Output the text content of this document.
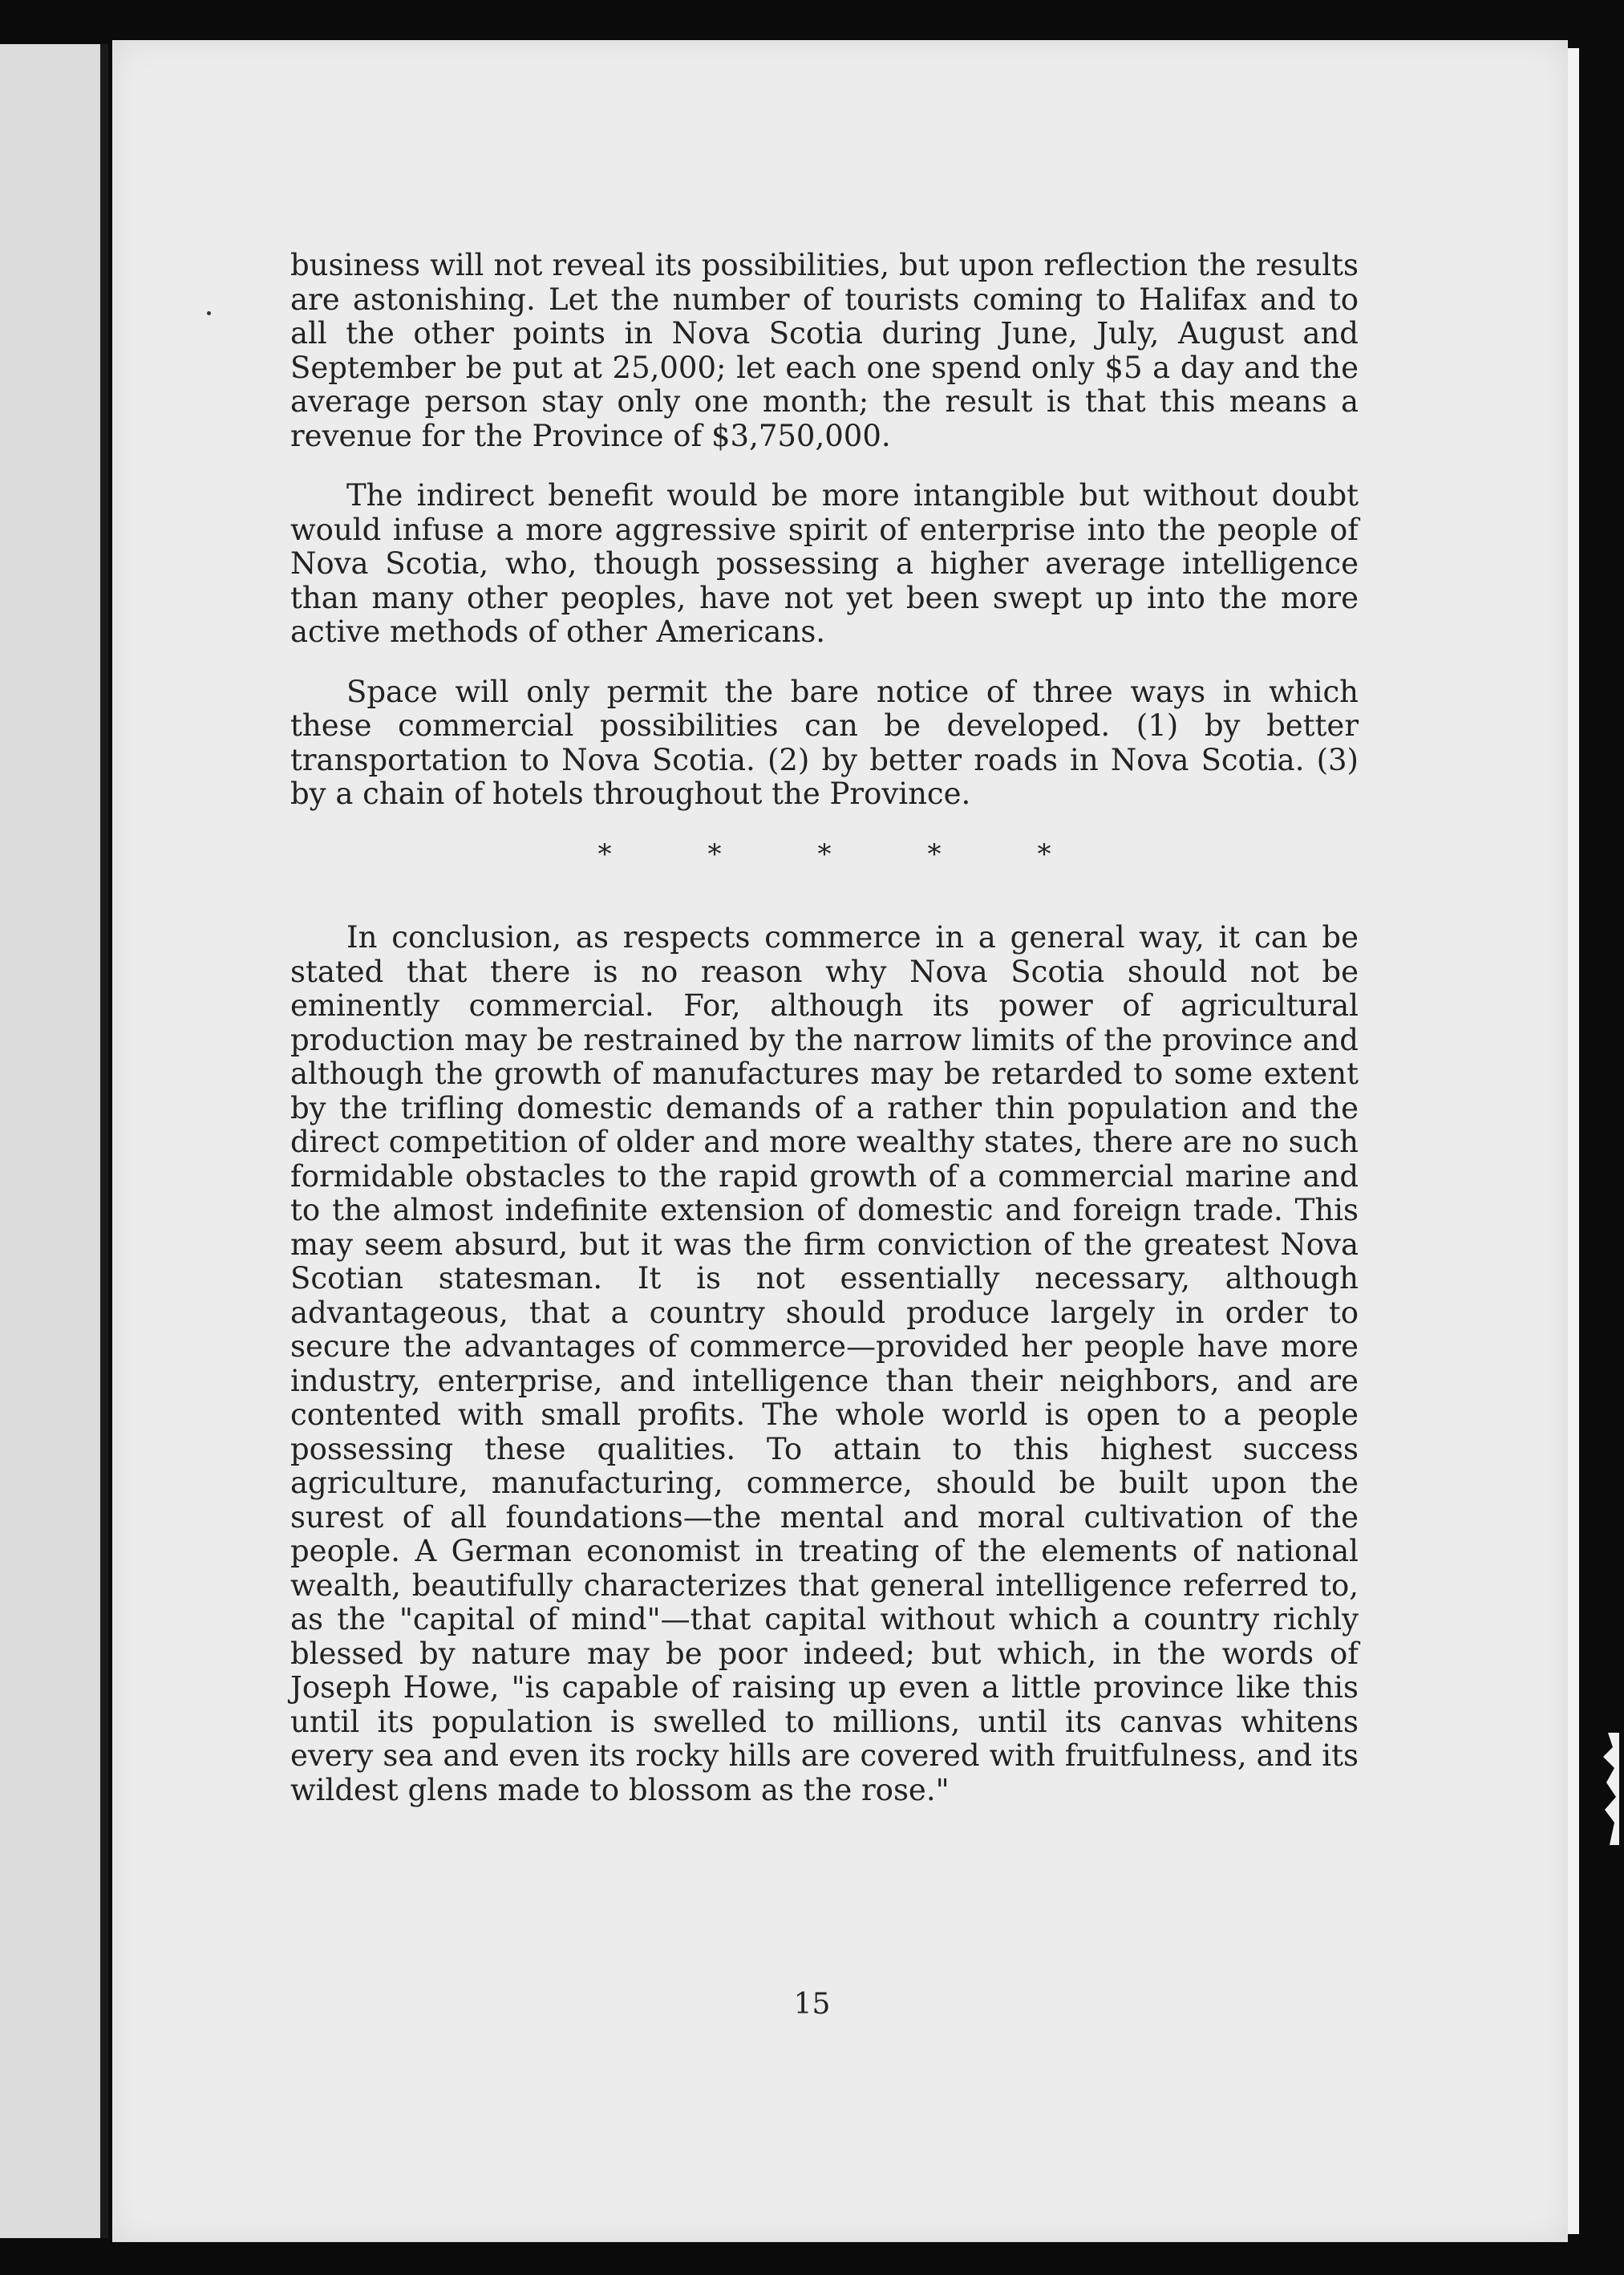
business will not reveal its possibilities, but upon reflection the results are astonishing. Let the number of tourists coming to Halifax and to all the other points in Nova Scotia during June, July, August and September be put at 25,000; let each one spend only $5 a day and the average person stay only one month; the result is that this means a revenue for the Province of $3,750,000.

The indirect benefit would be more intangible but without doubt would infuse a more aggressive spirit of enterprise into the people of Nova Scotia, who, though possessing a higher average intelligence than many other peoples, have not yet been swept up into the more active methods of other Americans.

Space will only permit the bare notice of three ways in which these commercial possibilities can be developed. (1) by better transportation to Nova Scotia. (2) by better roads in Nova Scotia. (3) by a chain of hotels throughout the Province.

*	*	*	*	*

In conclusion, as respects commerce in a general way, it can be stated that there is no reason why Nova Scotia should not be eminently commercial. For, although its power of agricultural production may be restrained by the narrow limits of the province and although the growth of manufactures may be retarded to some extent by the trifling domestic demands of a rather thin population and the direct competition of older and more wealthy states, there are no such formidable obstacles to the rapid growth of a commercial marine and to the almost indefinite extension of domestic and foreign trade. This may seem absurd, but it was the firm conviction of the greatest Nova Scotian statesman. It is not essentially necessary, although advantageous, that a country should produce largely in order to secure the advantages of commerce—provided her people have more industry, enterprise, and intelligence than their neighbors, and are contented with small profits. The whole world is open to a people possessing these qualities. To attain to this highest success agriculture, manufacturing, commerce, should be built upon the surest of all foundations—the mental and moral cultivation of the people. A German economist in treating of the elements of national wealth, beautifully characterizes that general intelligence referred to, as the "capital of mind"—that capital without which a country richly blessed by nature may be poor indeed; but which, in the words of Joseph Howe, "is capable of raising up even a little province like this until its population is swelled to millions, until its canvas whitens every sea and even its rocky hills are covered with fruitfulness, and its wildest glens made to blossom as the rose."

15
